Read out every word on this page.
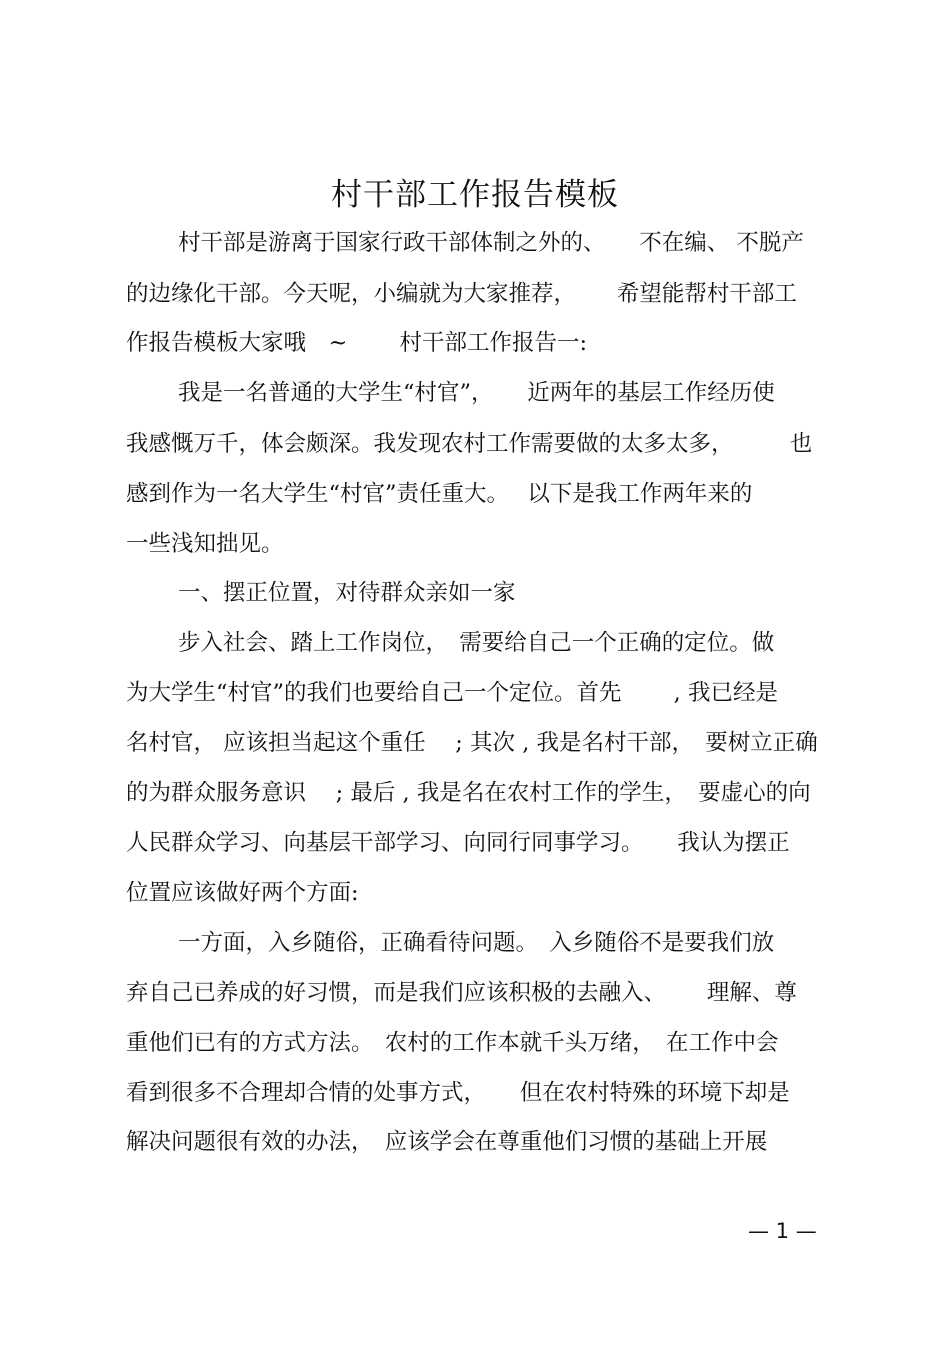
村干部工作报告模板
村干部是游离于国家行政干部体制之外的、　　不在编、 不脱产
的边缘化干部。今天呢，小编就为大家推荐，　　 希望能帮村干部工
作报告模板大家哦　~　　 村干部工作报告一:
我是一名普通的大学生“村官”，　　近两年的基层工作经历使
我感慨万千，体会颇深。我发现农村工作需要做的太多太多，　　　也
感到作为一名大学生“村官”责任重大。　 以下是我工作两年来的
一些浅知拙见。
一、摆正位置，对待群众亲如一家
步入社会、踏上工作岗位，　需要给自己一个正确的定位。做
为大学生“村官”的我们也要给自己一个定位。首先　　 , 我已经是
名村官， 应该担当起这个重任 　; 其次 , 我是名村干部，　要树立正确
的为群众服务意识 　; 最后 , 我是名在农村工作的学生，　要虚心的向
人民群众学习、向基层干部学习、向同行同事学习。　　我认为摆正
位置应该做好两个方面:
一方面，入乡随俗，正确看待问题。　入乡随俗不是要我们放
弃自己已养成的好习惯，而是我们应该积极的去融入、　　 理解、尊
重他们已有的方式方法。　农村的工作本就千头万绪，　在工作中会
看到很多不合理却合情的处事方式，　　但在农村特殊的环境下却是
解决问题很有效的办法，　应该学会在尊重他们习惯的基础上开展
— 1 —
